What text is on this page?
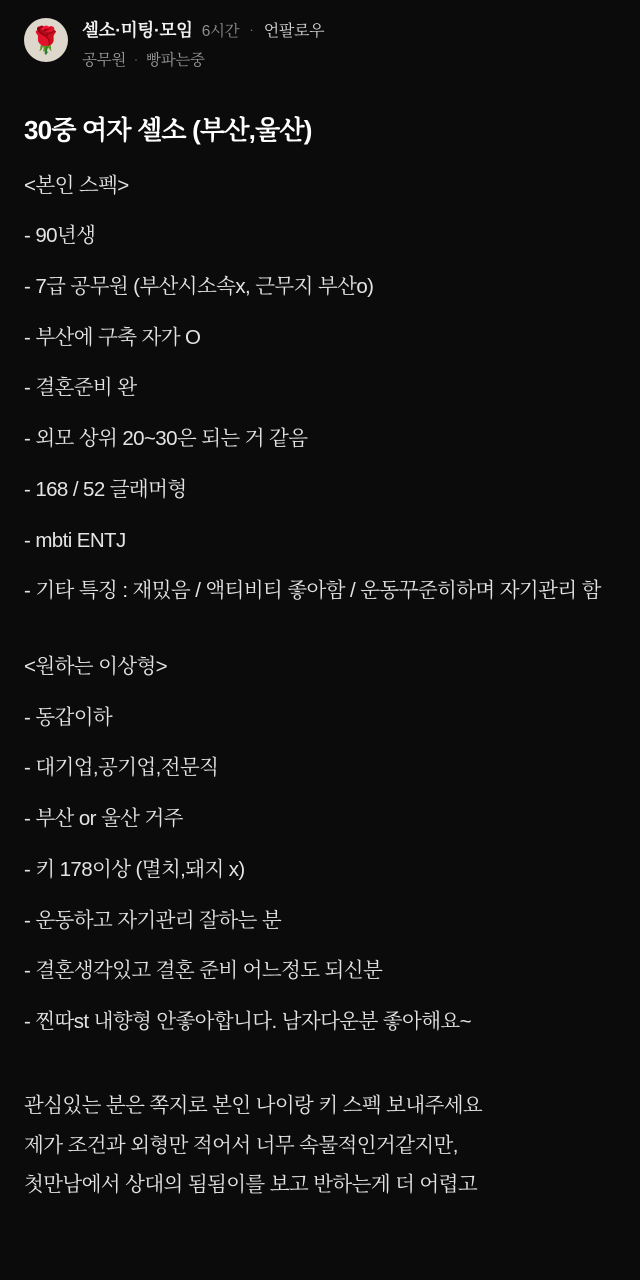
🌹 셀소·미팅·모임 6시간 · 언팔로우
공무원 · 빵파는중
30중 여자 셀소 (부산,울산)
<본인 스펙>
- 90년생
- 7급 공무원 (부산시소속x, 근무지 부산o)
- 부산에 구축 자가 O
- 결혼준비 완
- 외모 상위 20~30은 되는 거 같음
- 168 / 52 글래머형
- mbti ENTJ
- 기타 특징 : 재밌음 / 액티비티 좋아함 / 운동꾸준히하며 자기관리 함
<원하는 이상형>
- 동갑이하
- 대기업,공기업,전문직
- 부산 or 울산 거주
- 키 178이상 (멸치,돼지 x)
- 운동하고 자기관리 잘하는 분
- 결혼생각있고 결혼 준비 어느정도 되신분
- 찐따st 내향형 안좋아합니다. 남자다운분 좋아해요~
관심있는 분은 쪽지로 본인 나이랑 키 스펙 보내주세요
제가 조건과 외형만 적어서 너무 속물적인거같지만,
첫만남에서 상대의 됨됨이를 보고 반하는게 더 어렵고
